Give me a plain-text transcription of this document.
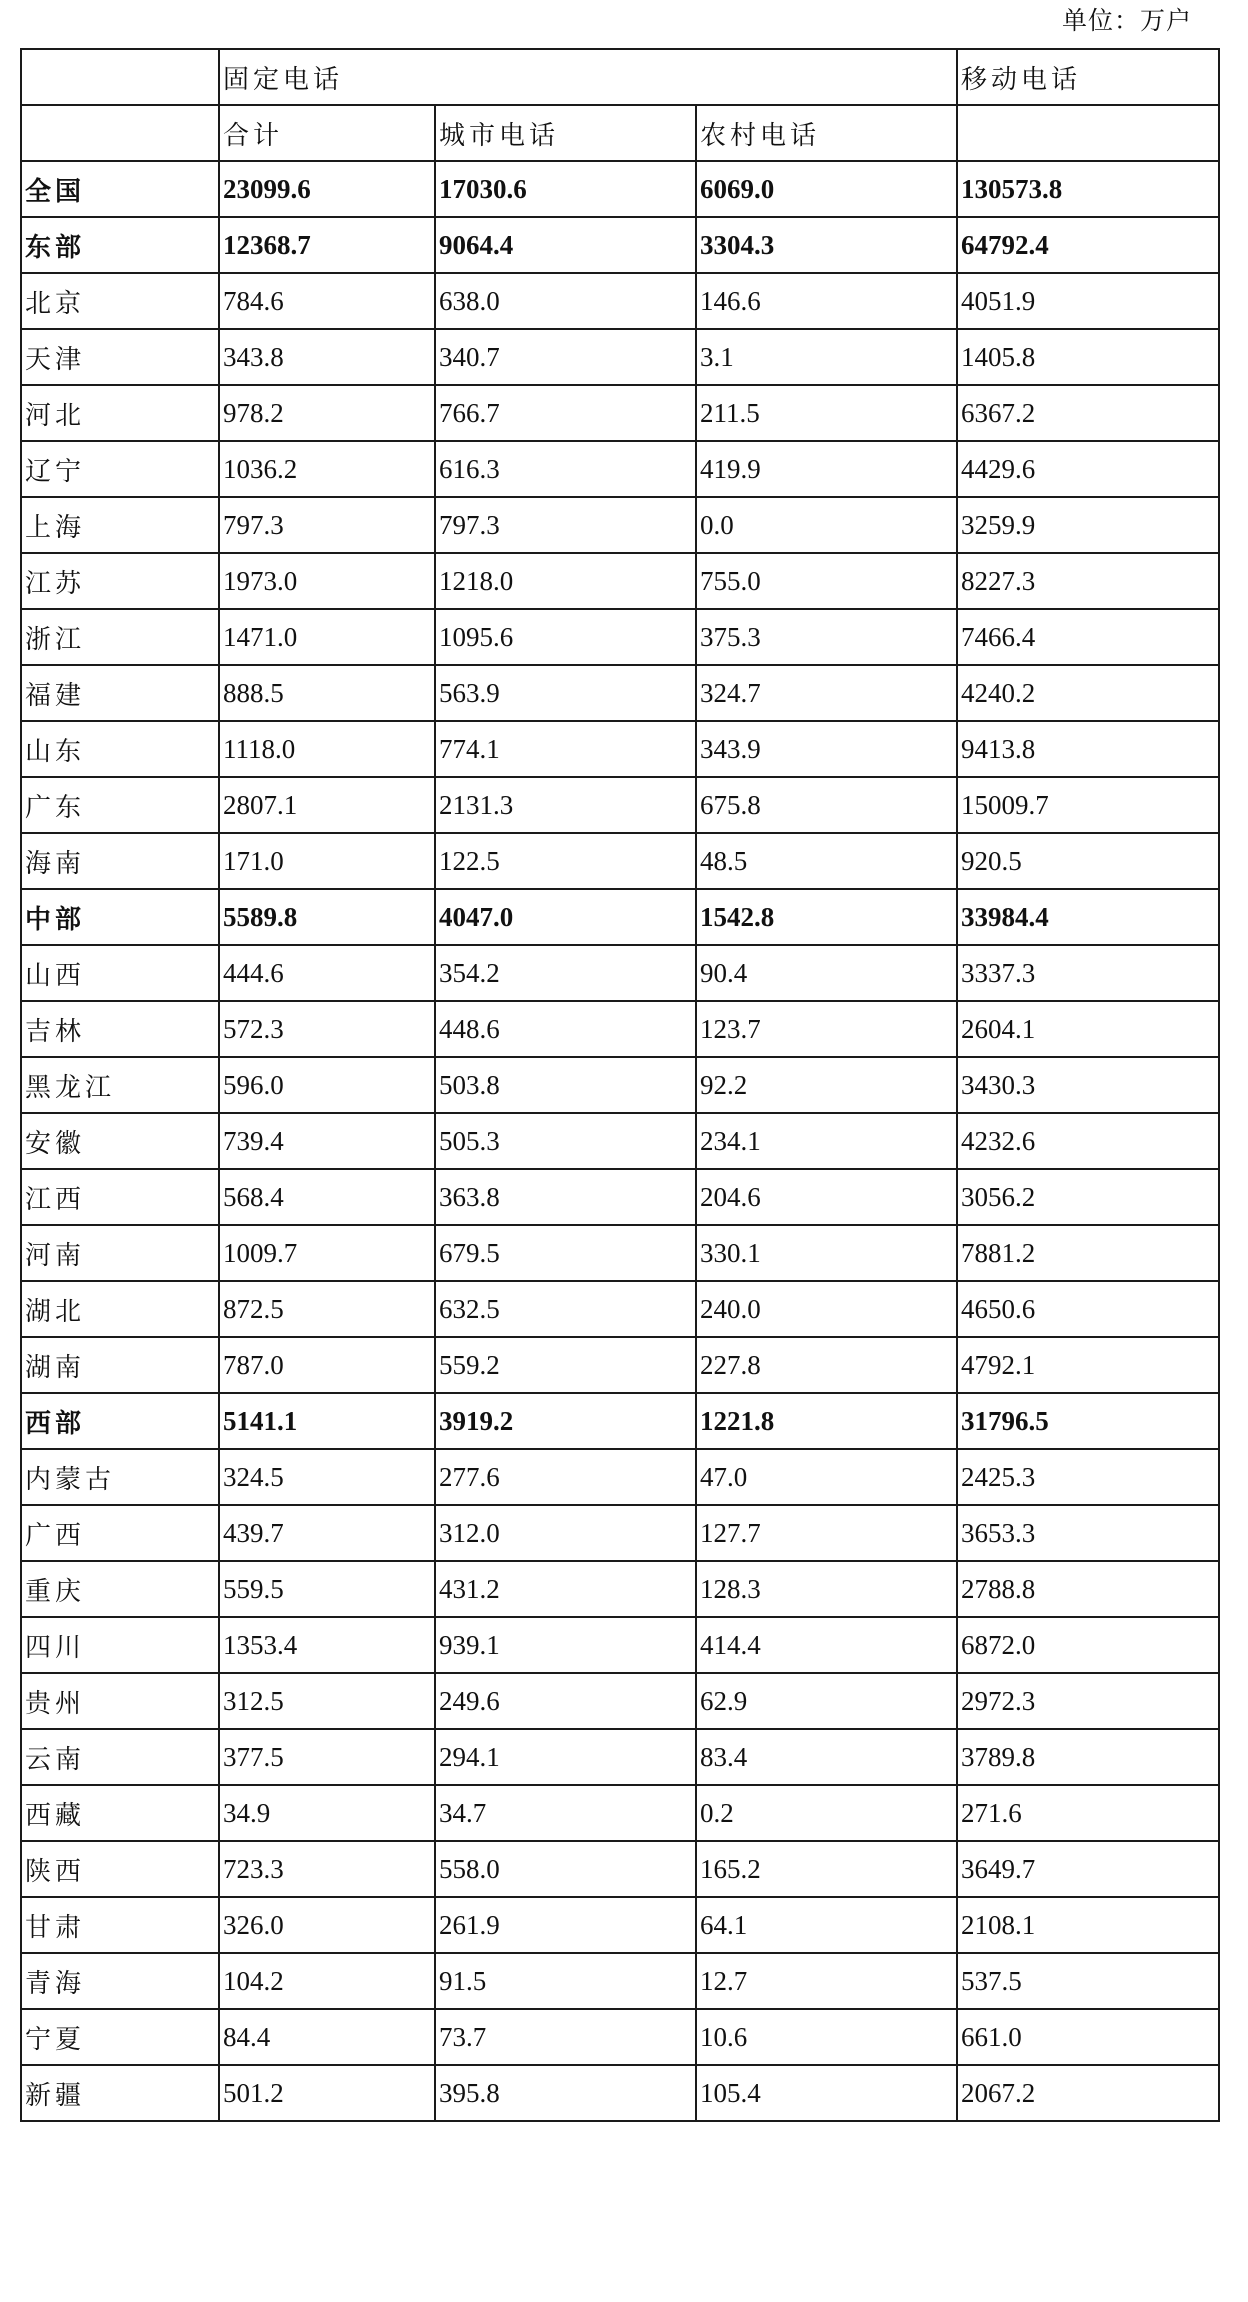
单位：万户
	固定电话			移动电话
	合计	城市电话	农村电话	
全国	23099.6	17030.6	6069.0	130573.8
东部	12368.7	9064.4	3304.3	64792.4
北京	784.6	638.0	146.6	4051.9
天津	343.8	340.7	3.1	1405.8
河北	978.2	766.7	211.5	6367.2
辽宁	1036.2	616.3	419.9	4429.6
上海	797.3	797.3	0.0	3259.9
江苏	1973.0	1218.0	755.0	8227.3
浙江	1471.0	1095.6	375.3	7466.4
福建	888.5	563.9	324.7	4240.2
山东	1118.0	774.1	343.9	9413.8
广东	2807.1	2131.3	675.8	15009.7
海南	171.0	122.5	48.5	920.5
中部	5589.8	4047.0	1542.8	33984.4
山西	444.6	354.2	90.4	3337.3
吉林	572.3	448.6	123.7	2604.1
黑龙江	596.0	503.8	92.2	3430.3
安徽	739.4	505.3	234.1	4232.6
江西	568.4	363.8	204.6	3056.2
河南	1009.7	679.5	330.1	7881.2
湖北	872.5	632.5	240.0	4650.6
湖南	787.0	559.2	227.8	4792.1
西部	5141.1	3919.2	1221.8	31796.5
内蒙古	324.5	277.6	47.0	2425.3
广西	439.7	312.0	127.7	3653.3
重庆	559.5	431.2	128.3	2788.8
四川	1353.4	939.1	414.4	6872.0
贵州	312.5	249.6	62.9	2972.3
云南	377.5	294.1	83.4	3789.8
西藏	34.9	34.7	0.2	271.6
陕西	723.3	558.0	165.2	3649.7
甘肃	326.0	261.9	64.1	2108.1
青海	104.2	91.5	12.7	537.5
宁夏	84.4	73.7	10.6	661.0
新疆	501.2	395.8	105.4	2067.2
